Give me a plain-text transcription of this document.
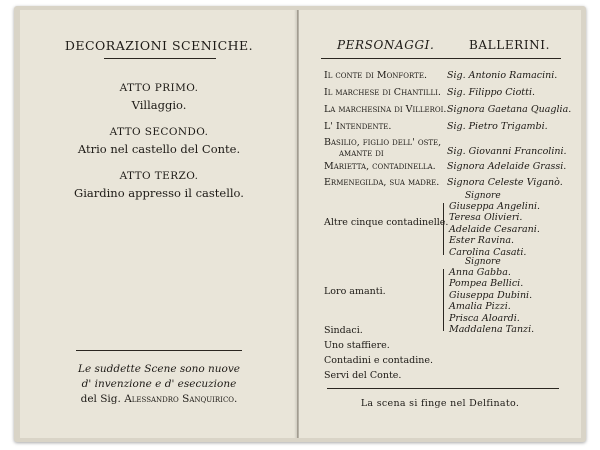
DECORAZIONI SCENICHE.
ATTO PRIMO.
Villaggio.
ATTO SECONDO.
Atrio nel castello del Conte.
ATTO TERZO.
Giardino appresso il castello.
Le suddette Scene sono nuove
d' invenzione e d' esecuzione
del Sig. Alessandro Sanquirico.
PERSONAGGI.	BALLERINI.
Il conte di Monforte. Sig. Antonio Ramacini.
Il marchese di Chantilli. Sig. Filippo Ciotti.
La marchesina di Villeroi. Signora Gaetana Quaglia.
L' Intendente.	Sig. Pietro Trigambi.
Basilio, figlio dell' oste,
Sig. Giovanni Francolini.
amante di
Marietta, contadinella. Signora Adelaide Grassi.
Ermenegilda, sua madre. Signora Celeste Viganò.
Signore
Altre cinque contadinelle.
Giuseppa Angelini.
Teresa Olivieri.
Adelaide Cesarani.
Ester Ravina.
Carolina Casati.
Signore
Loro amanti.
Anna Gabba.
Pompea Bellici.
Giuseppa Dubini.
Amalia Pizzi.
Prisca Aloardi.
Maddalena Tanzi.
Sindaci.
Uno staffiere.
Contadini e contadine.
Servi del Conte.
La scena si finge nel Delfinato.
